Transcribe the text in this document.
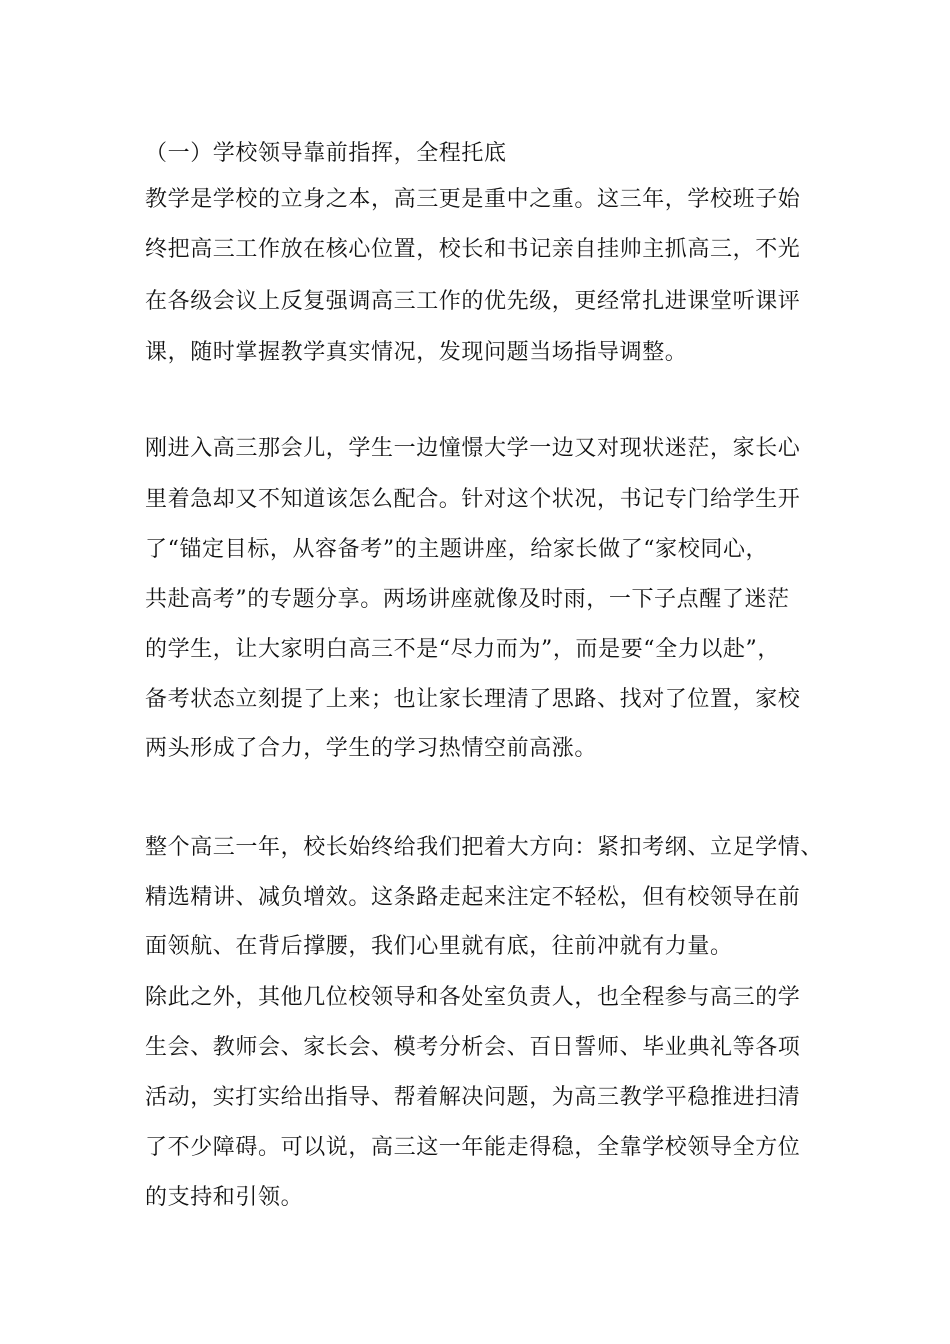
（一）学校领导靠前指挥，全程托底
教学是学校的立身之本，高三更是重中之重。这三年，学校班子始
终把高三工作放在核心位置，校长和书记亲自挂帅主抓高三，不光
在各级会议上反复强调高三工作的优先级，更经常扎进课堂听课评
课，随时掌握教学真实情况，发现问题当场指导调整。
刚进入高三那会儿，学生一边憧憬大学一边又对现状迷茫，家长心
里着急却又不知道该怎么配合。针对这个状况，书记专门给学生开
了“锚定目标，从容备考”的主题讲座，给家长做了“家校同心，
共赴高考”的专题分享。两场讲座就像及时雨，一下子点醒了迷茫
的学生，让大家明白高三不是“尽力而为”，而是要“全力以赴”，
备考状态立刻提了上来；也让家长理清了思路、找对了位置，家校
两头形成了合力，学生的学习热情空前高涨。
整个高三一年，校长始终给我们把着大方向：紧扣考纲、立足学情、
精选精讲、减负增效。这条路走起来注定不轻松，但有校领导在前
面领航、在背后撑腰，我们心里就有底，往前冲就有力量。
除此之外，其他几位校领导和各处室负责人，也全程参与高三的学
生会、教师会、家长会、模考分析会、百日誓师、毕业典礼等各项
活动，实打实给出指导、帮着解决问题，为高三教学平稳推进扫清
了不少障碍。可以说，高三这一年能走得稳，全靠学校领导全方位
的支持和引领。
